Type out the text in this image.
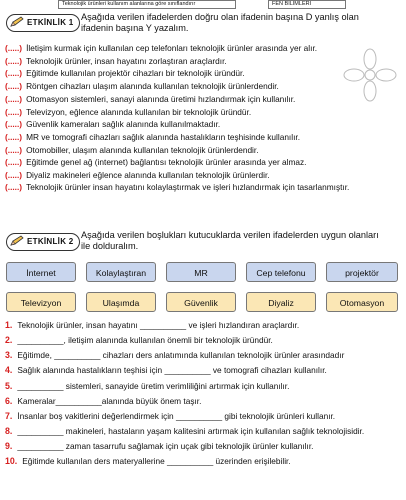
Teknolojik ürünleri kullanım alanlarına göre sınıflandırır	FEN BİLİMLERİ
ETKİNLİK 1
Aşağıda verilen ifadelerden doğru olan ifadenin başına D yanlış olan ifadenin başına Y yazalım.
(.....) İletişim kurmak için kullanılan cep telefonları teknolojik ürünler arasında yer alır.
(.....) Teknolojik ürünler, insan hayatını zorlaştıran araçlardır.
(.....) Eğitimde kullanılan projektör cihazları bir teknolojik üründür.
(.....) Röntgen cihazları ulaşım alanında kullanılan teknolojik ürünlerdendir.
(.....) Otomasyon sistemleri, sanayi alanında üretimi hızlandırmak için kullanılır.
(.....) Televizyon, eğlence alanında kullanılan bir teknolojik üründür.
(.....) Güvenlik kameraları sağlık alanında kullanılmaktadır.
(.....) MR ve tomografi cihazları sağlık alanında hastalıkların teşhisinde kullanılır.
(.....) Otomobiller, ulaşım alanında kullanılan teknolojik ürünlerdendir.
(.....) Eğitimde genel ağ (internet) bağlantısı teknolojik ürünler arasında yer almaz.
(.....) Diyaliz makineleri eğlence alanında kullanılan teknolojik ürünlerdir.
(.....) Teknolojik ürünler insan hayatını kolaylaştırmak ve işleri hızlandırmak için tasarlanmıştır.
ETKİNLİK 2
Aşağıda verilen boşlukları kutucuklarda verilen ifadelerden uygun olanları ile dolduralım.
İnternet	Kolaylaştıran	MR	Cep telefonu	projektör
Televizyon	Ulaşımda	Güvenlik	Diyaliz	Otomasyon
1. Teknolojik ürünler, insan hayatını __________ ve işleri hızlandıran araçlardır.
2. __________, iletişim alanında kullanılan önemli bir teknolojik üründür.
3. Eğitimde, __________ cihazları ders anlatımında kullanılan teknolojik ürünler arasındadır
4. Sağlık alanında hastalıkların teşhisi için __________ ve tomografi cihazları kullanılır.
5. __________ sistemleri, sanayide üretim verimliliğini artırmak için kullanılır.
6. Kameralar__________alanında büyük önem taşır.
7. İnsanlar boş vakitlerini değerlendirmek için __________ gibi teknolojik ürünleri kullanır.
8. __________ makineleri, hastaların yaşam kalitesini artırmak için kullanılan sağlık teknolojisidir.
9. __________ zaman tasarrufu sağlamak için uçak gibi teknolojik ürünler kullanılır.
10. Eğitimde kullanılan ders materyallerine __________ üzerinden erişilebilir.
